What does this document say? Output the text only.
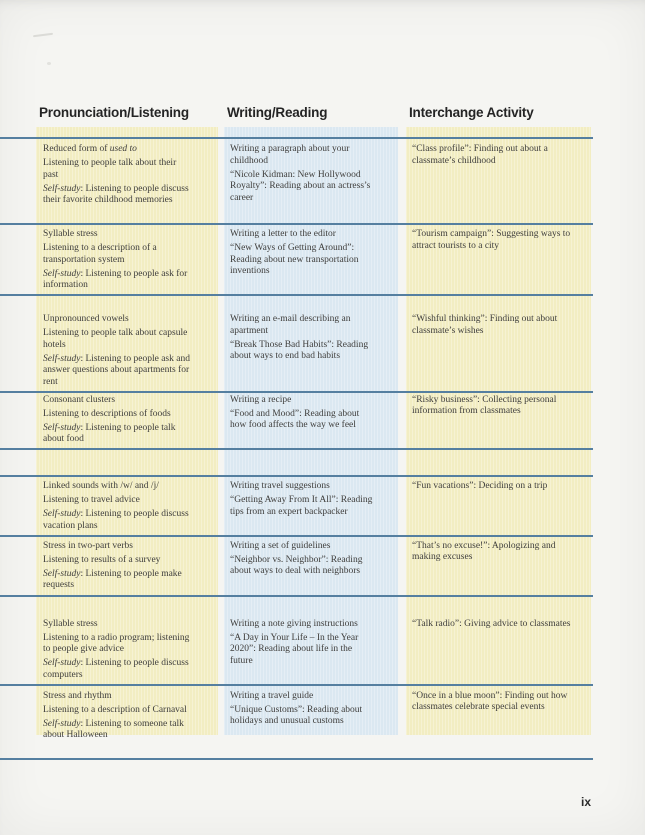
Pronunciation/Listening	Writing/Reading	Interchange Activity

Reduced form of used to

Listening to people talk about their past

Self-study: Listening to people discuss their favorite childhood memories

Writing a paragraph about your childhood

“Nicole Kidman: New Hollywood Royalty”: Reading about an actress’s career

“Class profile”: Finding out about a classmate’s childhood

Syllable stress

Listening to a description of a transportation system

Self-study: Listening to people ask for information

Writing a letter to the editor

“New Ways of Getting Around”: Reading about new transportation inventions

“Tourism campaign”: Suggesting ways to attract tourists to a city

Unpronounced vowels

Listening to people talk about capsule hotels

Self-study: Listening to people ask and answer questions about apartments for rent

Writing an e-mail describing an apartment

“Break Those Bad Habits”: Reading about ways to end bad habits

“Wishful thinking”: Finding out about classmate’s wishes

Consonant clusters

Listening to descriptions of foods

Self-study: Listening to people talk about food

Writing a recipe

“Food and Mood”: Reading about how food affects the way we feel

“Risky business”: Collecting personal information from classmates

Linked sounds with /w/ and /j/

Listening to travel advice

Self-study: Listening to people discuss vacation plans

Writing travel suggestions

“Getting Away From It All”: Reading tips from an expert backpacker

“Fun vacations”: Deciding on a trip

Stress in two-part verbs

Listening to results of a survey

Self-study: Listening to people make requests

Writing a set of guidelines

“Neighbor vs. Neighbor”: Reading about ways to deal with neighbors

“That’s no excuse!”: Apologizing and making excuses

Syllable stress

Listening to a radio program; listening to people give advice

Self-study: Listening to people discuss computers

Writing a note giving instructions

“A Day in Your Life – In the Year 2020”: Reading about life in the future

“Talk radio”: Giving advice to classmates

Stress and rhythm

Listening to a description of Carnaval

Self-study: Listening to someone talk about Halloween

Writing a travel guide

“Unique Customs”: Reading about holidays and unusual customs

“Once in a blue moon”: Finding out how classmates celebrate special events

ix
